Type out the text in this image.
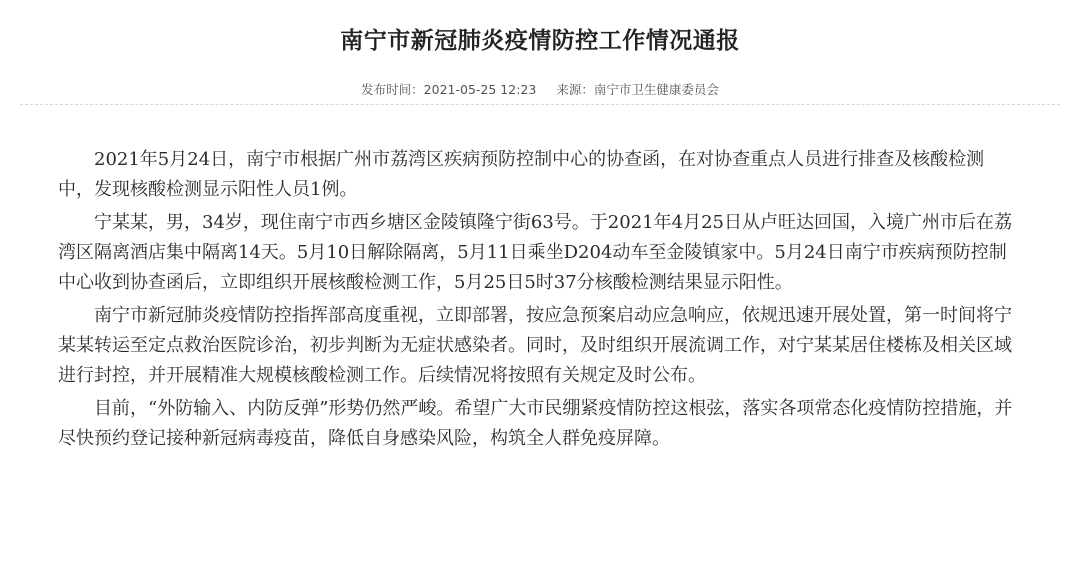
南宁市新冠肺炎疫情防控工作情况通报
发布时间：2021-05-25 12:23 来源：南宁市卫生健康委员会

2021年5月24日，南宁市根据广州市荔湾区疾病预防控制中心的协查函，在对协查重点人员进行排查及核酸检测中，发现核酸检测显示阳性人员1例。

宁某某，男，34岁，现住南宁市西乡塘区金陵镇隆宁街63号。于2021年4月25日从卢旺达回国，入境广州市后在荔湾区隔离酒店集中隔离14天。5月10日解除隔离，5月11日乘坐D204动车至金陵镇家中。5月24日南宁市疾病预防控制中心收到协查函后，立即组织开展核酸检测工作，5月25日5时37分核酸检测结果显示阳性。

南宁市新冠肺炎疫情防控指挥部高度重视，立即部署，按应急预案启动应急响应，依规迅速开展处置，第一时间将宁某某转运至定点救治医院诊治，初步判断为无症状感染者。同时，及时组织开展流调工作，对宁某某居住楼栋及相关区域进行封控，并开展精准大规模核酸检测工作。后续情况将按照有关规定及时公布。

目前，“外防输入、内防反弹”形势仍然严峻。希望广大市民绷紧疫情防控这根弦，落实各项常态化疫情防控措施，并尽快预约登记接种新冠病毒疫苗，降低自身感染风险，构筑全人群免疫屏障。
